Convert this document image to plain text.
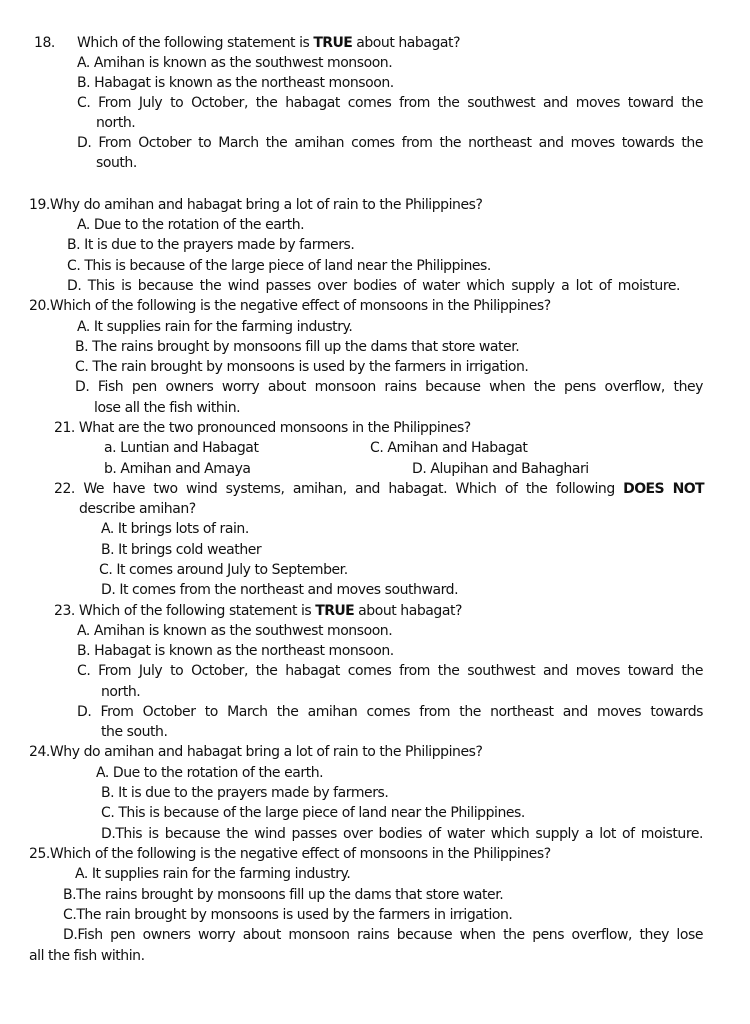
18. Which of the following statement is TRUE about habagat?
A. Amihan is known as the southwest monsoon.
B. Habagat is known as the northeast monsoon.
C. From July to October, the habagat comes from the southwest and moves toward the
north.
D. From October to March the amihan comes from the northeast and moves towards the
south.
19.Why do amihan and habagat bring a lot of rain to the Philippines?
A. Due to the rotation of the earth.
B. It is due to the prayers made by farmers.
C. This is because of the large piece of land near the Philippines.
D. This is because the wind passes over bodies of water which supply a lot of moisture.
20.Which of the following is the negative effect of monsoons in the Philippines?
A. It supplies rain for the farming industry.
B. The rains brought by monsoons fill up the dams that store water.
C. The rain brought by monsoons is used by the farmers in irrigation.
D. Fish pen owners worry about monsoon rains because when the pens overflow, they
lose all the fish within.
21. What are the two pronounced monsoons in the Philippines?
a. Luntian and Habagat	C. Amihan and Habagat
b. Amihan and Amaya	D. Alupihan and Bahaghari
22. We have two wind systems, amihan, and habagat. Which of the following DOES NOT
describe amihan?
A. It brings lots of rain.
B. It brings cold weather
C. It comes around July to September.
D. It comes from the northeast and moves southward.
23. Which of the following statement is TRUE about habagat?
A. Amihan is known as the southwest monsoon.
B. Habagat is known as the northeast monsoon.
C. From July to October, the habagat comes from the southwest and moves toward the
north.
D. From October to March the amihan comes from the northeast and moves towards
the south.
24.Why do amihan and habagat bring a lot of rain to the Philippines?
A. Due to the rotation of the earth.
B. It is due to the prayers made by farmers.
C. This is because of the large piece of land near the Philippines.
D.This is because the wind passes over bodies of water which supply a lot of moisture.
25.Which of the following is the negative effect of monsoons in the Philippines?
A. It supplies rain for the farming industry.
B.The rains brought by monsoons fill up the dams that store water.
C.The rain brought by monsoons is used by the farmers in irrigation.
D.Fish pen owners worry about monsoon rains because when the pens overflow, they lose
all the fish within.
